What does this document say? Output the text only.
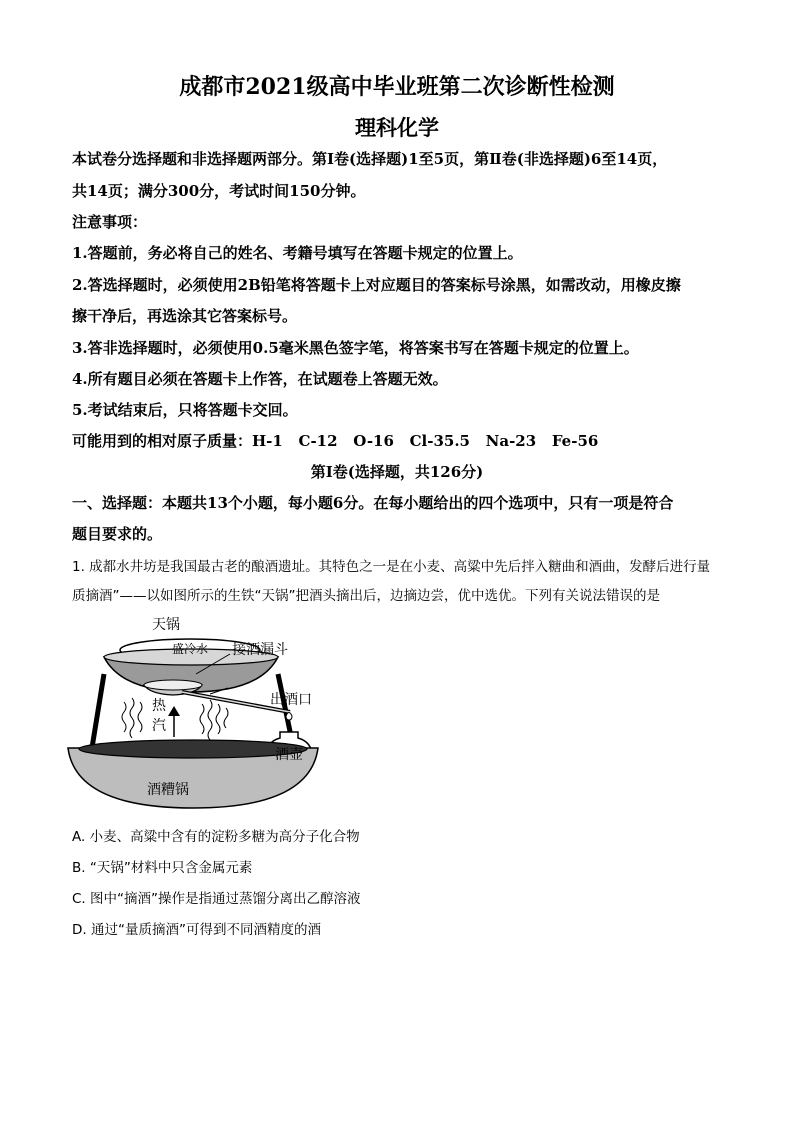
成都市2021级高中毕业班第二次诊断性检测
理科化学
本试卷分选择题和非选择题两部分。第Ⅰ卷(选择题)1至5页，第Ⅱ卷(非选择题)6至14页，
共14页；满分300分，考试时间150分钟。
注意事项：
1.答题前，务必将自己的姓名、考籍号填写在答题卡规定的位置上。
2.答选择题时，必须使用2B铅笔将答题卡上对应题目的答案标号涂黑，如需改动，用橡皮擦
擦干净后，再选涂其它答案标号。
3.答非选择题时，必须使用0.5毫米黑色签字笔，将答案书写在答题卡规定的位置上。
4.所有题目必须在答题卡上作答，在试题卷上答题无效。
5.考试结束后，只将答题卡交回。
可能用到的相对原子质量：H-1   C-12   O-16   Cl-35.5   Na-23   Fe-56
第Ⅰ卷(选择题，共126分)
一、选择题：本题共13个小题，每小题6分。在每小题给出的四个选项中，只有一项是符合
题目要求的。
1. 成都水井坊是我国最古老的酿酒遗址。其特色之一是在小麦、高粱中先后拌入糖曲和酒曲，发酵后进行量
质摘酒”——以如图所示的生铁“天锅”把酒头摘出后，边摘边尝，优中选优。下列有关说法错误的是
天锅
盛冷水 接酒漏斗
出酒口
热
汽
酒壶
酒糟锅
A. 小麦、高粱中含有的淀粉多糖为高分子化合物
B. “天锅”材料中只含金属元素
C. 图中“摘酒”操作是指通过蒸馏分离出乙醇溶液
D. 通过“量质摘酒”可得到不同酒精度的酒
